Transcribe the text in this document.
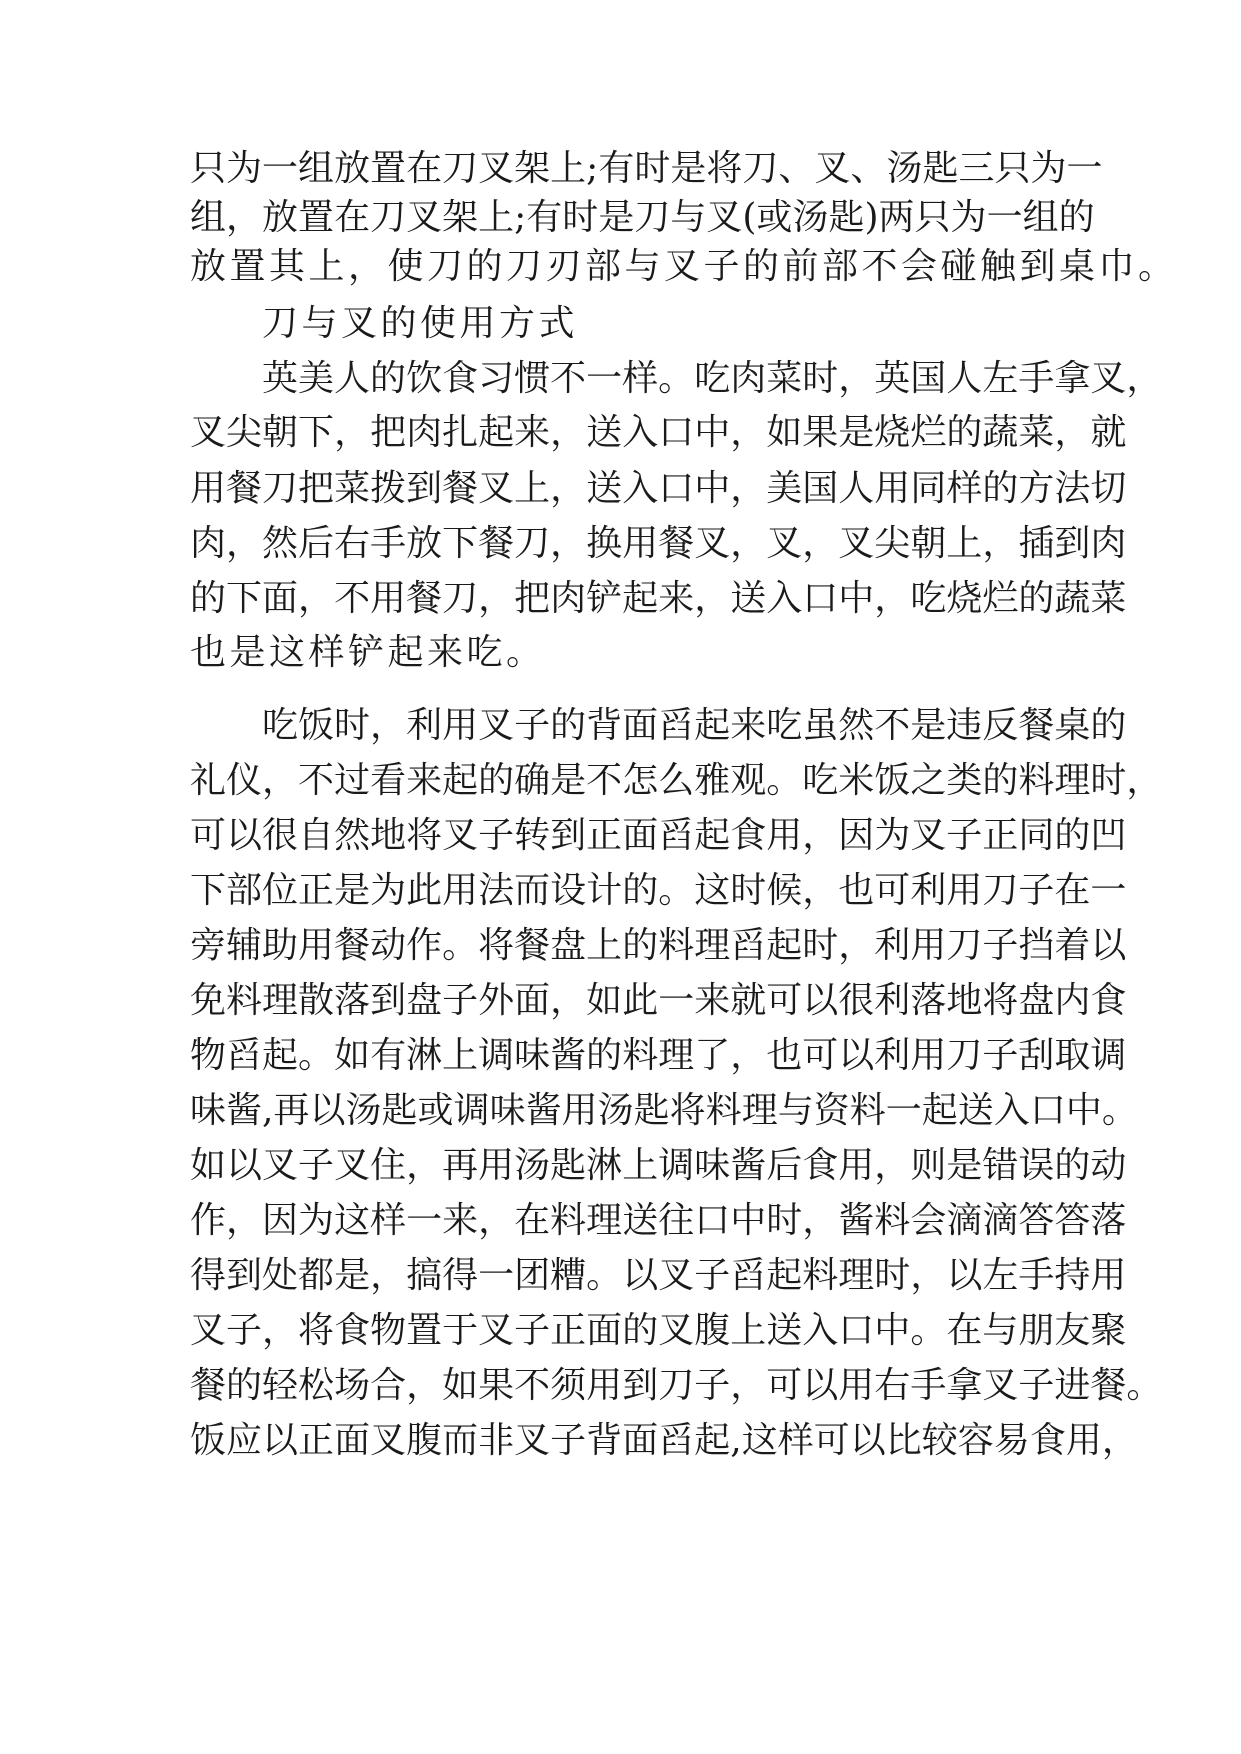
只 为 一 组 放 置 在 刀 叉 架 上 ; 有 时 是 将 刀 、 叉 、 汤 匙 三 只 为 一
组 ， 放 置 在 刀 叉 架 上 ; 有 时 是 刀 与 叉 ( 或 汤 匙 ) 两 只 为 一 组 的
放置其上，使刀的刀刃部与叉子的前部不会碰触到桌巾。
刀与叉的使用方式
英 美 人 的 饮 食 习 惯 不 一 样 。 吃 肉 菜 时 ， 英 国 人 左 手 拿 叉 ，
叉 尖 朝 下 ， 把 肉 扎 起 来 ， 送 入 口 中 ， 如 果 是 烧 烂 的 蔬 菜 ， 就
用 餐 刀 把 菜 拨 到 餐 叉 上 ， 送 入 口 中 ， 美 国 人 用 同 样 的 方 法 切
肉 ， 然 后 右 手 放 下 餐 刀 ， 换 用 餐 叉 ， 叉 ， 叉 尖 朝 上 ， 插 到 肉
的 下 面 ， 不 用 餐 刀 ， 把 肉 铲 起 来 ， 送 入 口 中 ， 吃 烧 烂 的 蔬 菜
也是这样铲起来吃。
吃 饭 时 ， 利 用 叉 子 的 背 面 舀 起 来 吃 虽 然 不 是 违 反 餐 桌 的
礼 仪 ， 不 过 看 来 起 的 确 是 不 怎 么 雅 观 。 吃 米 饭 之 类 的 料 理 时 ，
可 以 很 自 然 地 将 叉 子 转 到 正 面 舀 起 食 用 ， 因 为 叉 子 正 同 的 凹
下 部 位 正 是 为 此 用 法 而 设 计 的 。 这 时 候 ， 也 可 利 用 刀 子 在 一
旁 辅 助 用 餐 动 作 。 将 餐 盘 上 的 料 理 舀 起 时 ， 利 用 刀 子 挡 着 以
免 料 理 散 落 到 盘 子 外 面 ， 如 此 一 来 就 可 以 很 利 落 地 将 盘 内 食
物 舀 起 。 如 有 淋 上 调 味 酱 的 料 理 了 ， 也 可 以 利 用 刀 子 刮 取 调
味 酱 , 再 以 汤 匙 或 调 味 酱 用 汤 匙 将 料 理 与 资 料 一 起 送 入 口 中 。
如 以 叉 子 叉 住 ， 再 用 汤 匙 淋 上 调 味 酱 后 食 用 ， 则 是 错 误 的 动
作 ， 因 为 这 样 一 来 ， 在 料 理 送 往 口 中 时 ， 酱 料 会 滴 滴 答 答 落
得 到 处 都 是 ， 搞 得 一 团 糟 。 以 叉 子 舀 起 料 理 时 ， 以 左 手 持 用
叉 子 ， 将 食 物 置 于 叉 子 正 面 的 叉 腹 上 送 入 口 中 。 在 与 朋 友 聚
餐 的 轻 松 场 合 ， 如 果 不 须 用 到 刀 子 ， 可 以 用 右 手 拿 叉 子 进 餐 。
饭 应 以 正 面 叉 腹 而 非 叉 子 背 面 舀 起 , 这 样 可 以 比 较 容 易 食 用 ，
